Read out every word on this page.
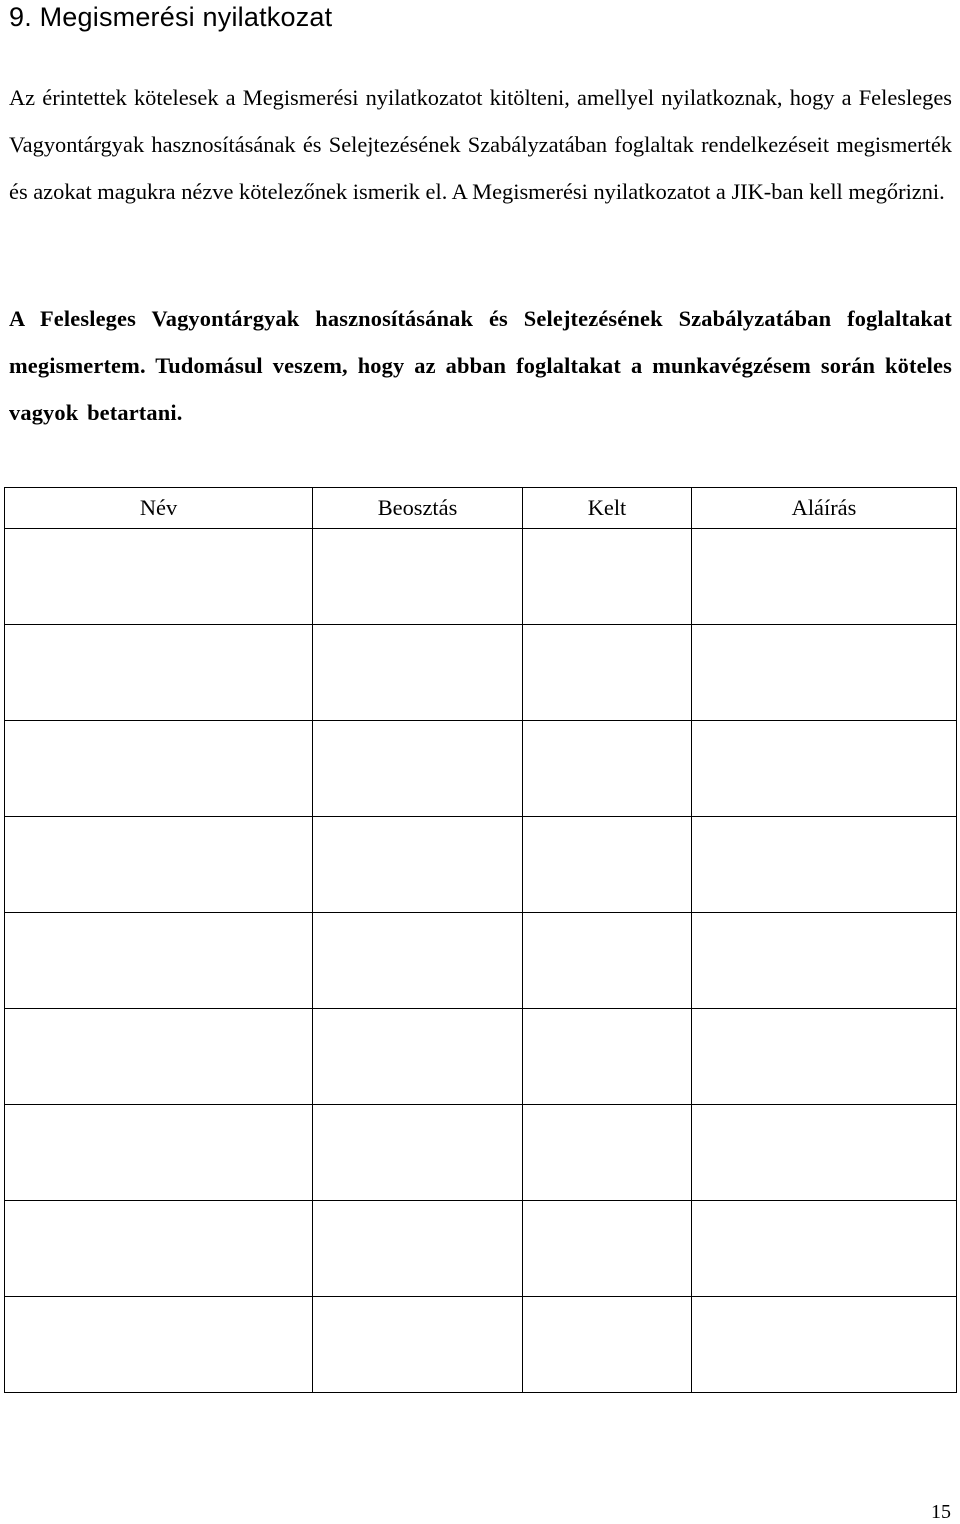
9. Megismerési nyilatkozat

Az érintettek kötelesek a Megismerési nyilatkozatot kitölteni, amellyel nyilatkoznak, hogy a Felesleges Vagyontárgyak hasznosításának és Selejtezésének Szabályzatában foglaltak rendelkezéseit megismerték és azokat magukra nézve kötelezőnek ismerik el. A Megismerési nyilatkozatot a JIK-ban kell megőrizni.

A Felesleges Vagyontárgyak hasznosításának és Selejtezésének Szabályzatában foglaltakat megismertem. Tudomásul veszem, hogy az abban foglaltakat a munkavégzésem során köteles vagyok betartani.

Név	Beosztás	Kelt	Aláírás

15
